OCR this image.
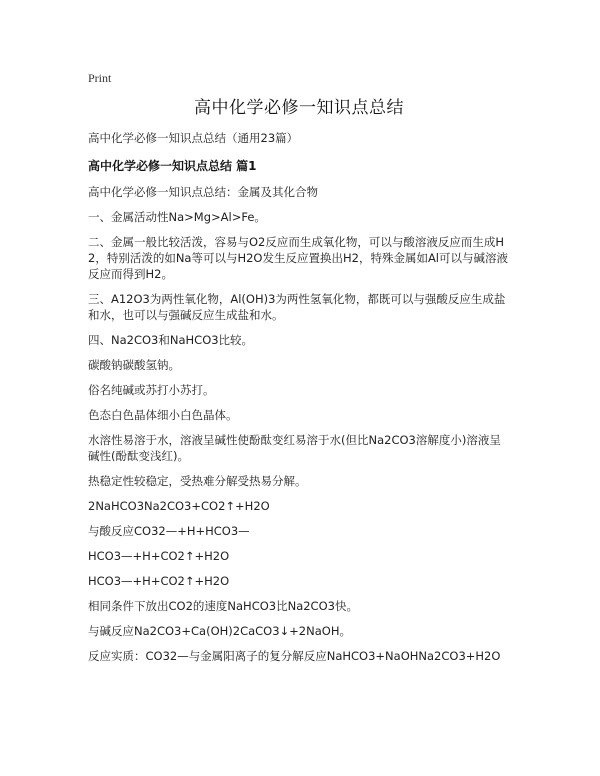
Print
高中化学必修一知识点总结

高中化学必修一知识点总结（通用23篇）

高中化学必修一知识点总结 篇1

高中化学必修一知识点总结：金属及其化合物

一、金属活动性Na>Mg>Al>Fe。

二、金属一般比较活泼，容易与O2反应而生成氧化物，可以与酸溶液反应而生成H2，特别活泼的如Na等可以与H2O发生反应置换出H2，特殊金属如Al可以与碱溶液反应而得到H2。

三、A12O3为两性氧化物，Al(OH)3为两性氢氧化物，都既可以与强酸反应生成盐和水，也可以与强碱反应生成盐和水。

四、Na2CO3和NaHCO3比较。

碳酸钠碳酸氢钠。

俗名纯碱或苏打小苏打。

色态白色晶体细小白色晶体。

水溶性易溶于水，溶液呈碱性使酚酞变红易溶于水(但比Na2CO3溶解度小)溶液呈碱性(酚酞变浅红)。

热稳定性较稳定，受热难分解受热易分解。

2NaHCO3Na2CO3+CO2↑+H2O

与酸反应CO32—+H+HCO3—

HCO3—+H+CO2↑+H2O

HCO3—+H+CO2↑+H2O

相同条件下放出CO2的速度NaHCO3比Na2CO3快。

与碱反应Na2CO3+Ca(OH)2CaCO3↓+2NaOH。

反应实质：CO32—与金属阳离子的复分解反应NaHCO3+NaOHNa2CO3+H2O
